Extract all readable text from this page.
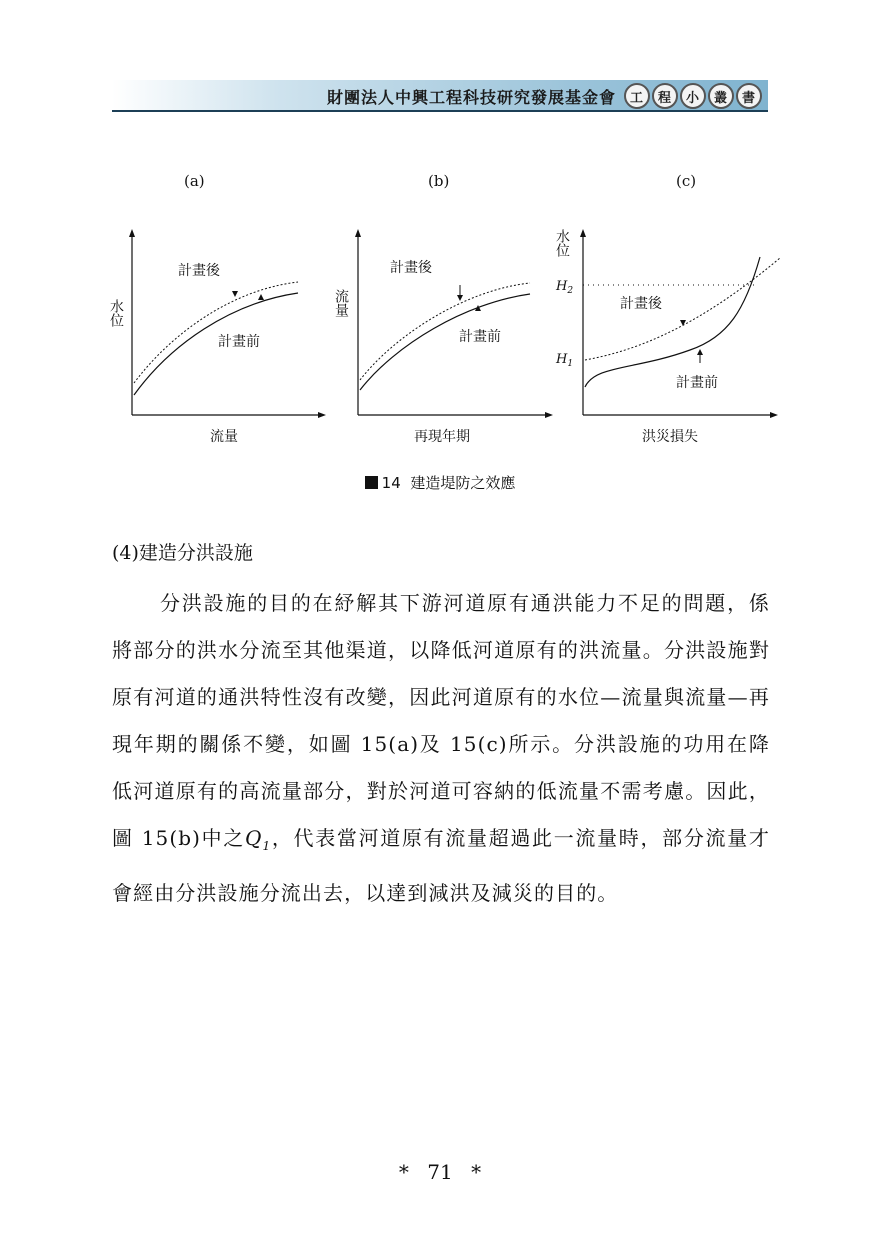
財團法人中興工程科技研究發展基金會	工	程	小	叢	書
(a)	(b)	(c)
計畫後
計畫前
流量
水位
計畫後
計畫前
再現年期
流量	計畫後
計畫前
洪災損失
水位
$H_2$
$H_1$
14 建造堤防之效應
(4)建造分洪設施
分洪設施的目的在紓解其下游河道原有通洪能力不足的問題，係將部分的洪水分流至其他渠道，以降低河道原有的洪流量。分洪設施對原有河道的通洪特性沒有改變，因此河道原有的水位—流量與流量—再現年期的關係不變，如圖 15(a)及 15(c)所示。分洪設施的功用在降低河道原有的高流量部分，對於河道可容納的低流量不需考慮。因此，圖 15(b)中之$Q_1$，代表當河道原有流量超過此一流量時，部分流量才會經由分洪設施分流出去，以達到減洪及減災的目的。
* 71 *
